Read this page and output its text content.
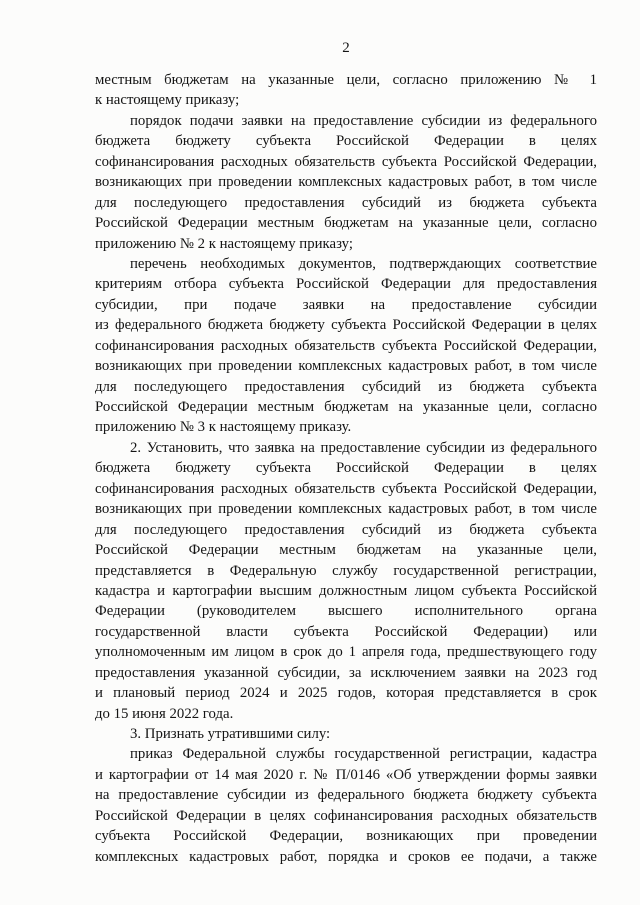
2
местным бюджетам на указанные цели, согласно приложению № 1
к настоящему приказу;
порядок подачи заявки на предоставление субсидии из федерального
бюджета бюджету субъекта Российской Федерации в целях
софинансирования расходных обязательств субъекта Российской Федерации,
возникающих при проведении комплексных кадастровых работ, в том числе
для последующего предоставления субсидий из бюджета субъекта
Российской Федерации местным бюджетам на указанные цели, согласно
приложению № 2 к настоящему приказу;
перечень необходимых документов, подтверждающих соответствие
критериям отбора субъекта Российской Федерации для предоставления
субсидии, при подаче заявки на предоставление субсидии
из федерального бюджета бюджету субъекта Российской Федерации в целях
софинансирования расходных обязательств субъекта Российской Федерации,
возникающих при проведении комплексных кадастровых работ, в том числе
для последующего предоставления субсидий из бюджета субъекта
Российской Федерации местным бюджетам на указанные цели, согласно
приложению № 3 к настоящему приказу.
2. Установить, что заявка на предоставление субсидии из федерального
бюджета бюджету субъекта Российской Федерации в целях
софинансирования расходных обязательств субъекта Российской Федерации,
возникающих при проведении комплексных кадастровых работ, в том числе
для последующего предоставления субсидий из бюджета субъекта
Российской Федерации местным бюджетам на указанные цели,
представляется в Федеральную службу государственной регистрации,
кадастра и картографии высшим должностным лицом субъекта Российской
Федерации (руководителем высшего исполнительного органа
государственной власти субъекта Российской Федерации) или
уполномоченным им лицом в срок до 1 апреля года, предшествующего году
предоставления указанной субсидии, за исключением заявки на 2023 год
и плановый период 2024 и 2025 годов, которая представляется в срок
до 15 июня 2022 года.
3. Признать утратившими силу:
приказ Федеральной службы государственной регистрации, кадастра
и картографии от 14 мая 2020 г. № П/0146 «Об утверждении формы заявки
на предоставление субсидии из федерального бюджета бюджету субъекта
Российской Федерации в целях софинансирования расходных обязательств
субъекта Российской Федерации, возникающих при проведении
комплексных кадастровых работ, порядка и сроков ее подачи, а также
